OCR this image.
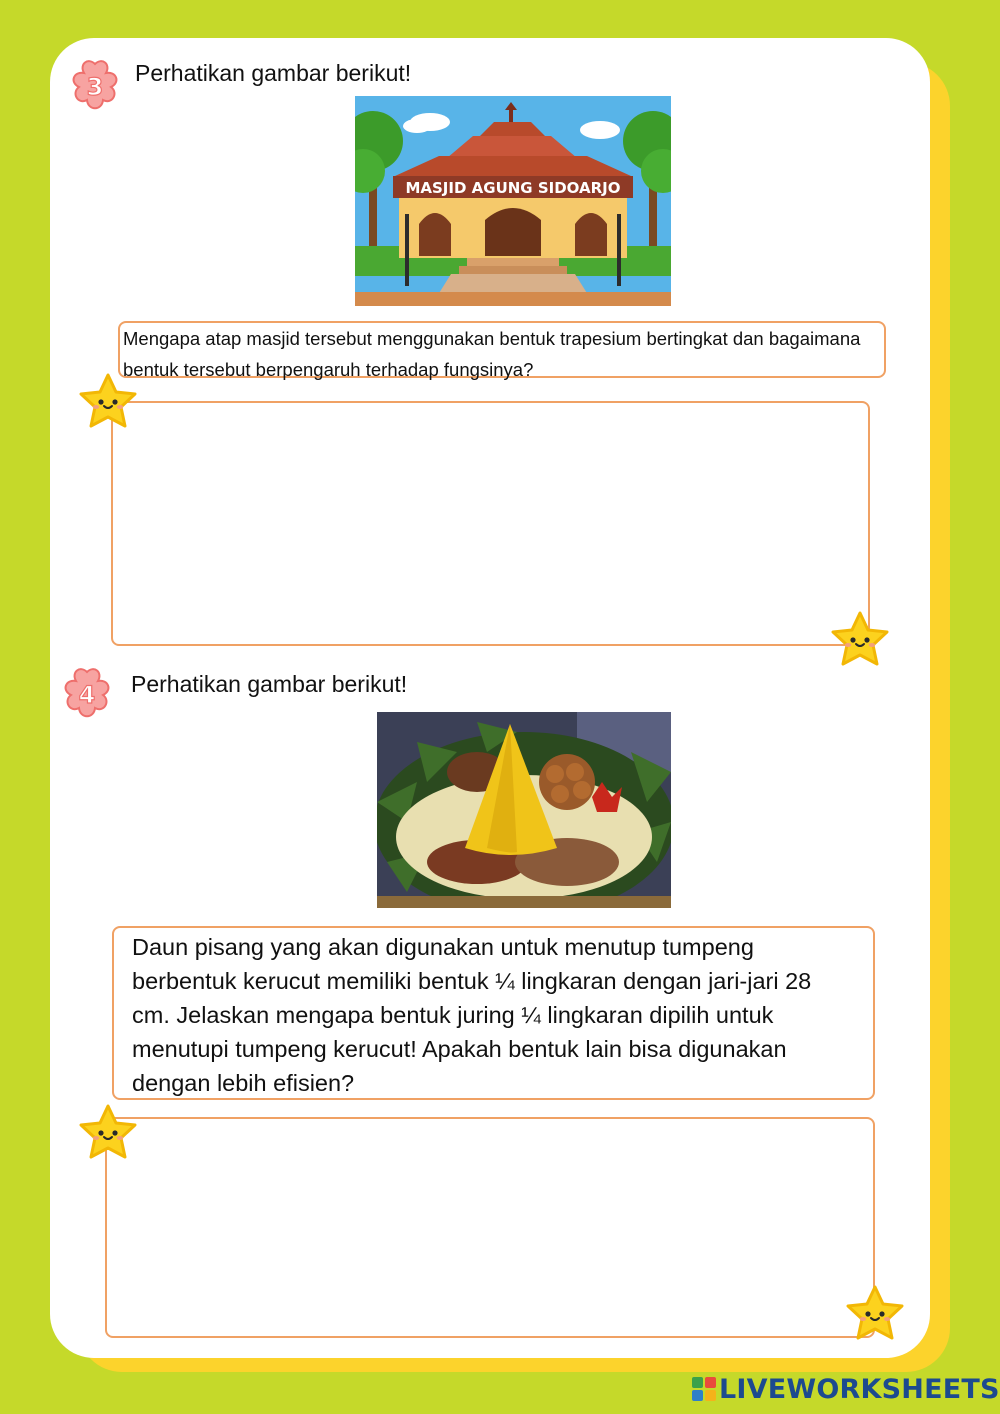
3 Perhatikan gambar berikut!
MASJID AGUNG SIDOARJO
Mengapa atap masjid tersebut menggunakan bentuk trapesium bertingkat dan bagaimana bentuk tersebut berpengaruh terhadap fungsinya?
4 Perhatikan gambar berikut!
Daun pisang yang akan digunakan untuk menutup tumpeng berbentuk kerucut memiliki bentuk ¼ lingkaran dengan jari-jari 28 cm. Jelaskan mengapa bentuk juring ¼ lingkaran dipilih untuk menutupi tumpeng kerucut! Apakah bentuk lain bisa digunakan dengan lebih efisien?
LIVEWORKSHEETS
